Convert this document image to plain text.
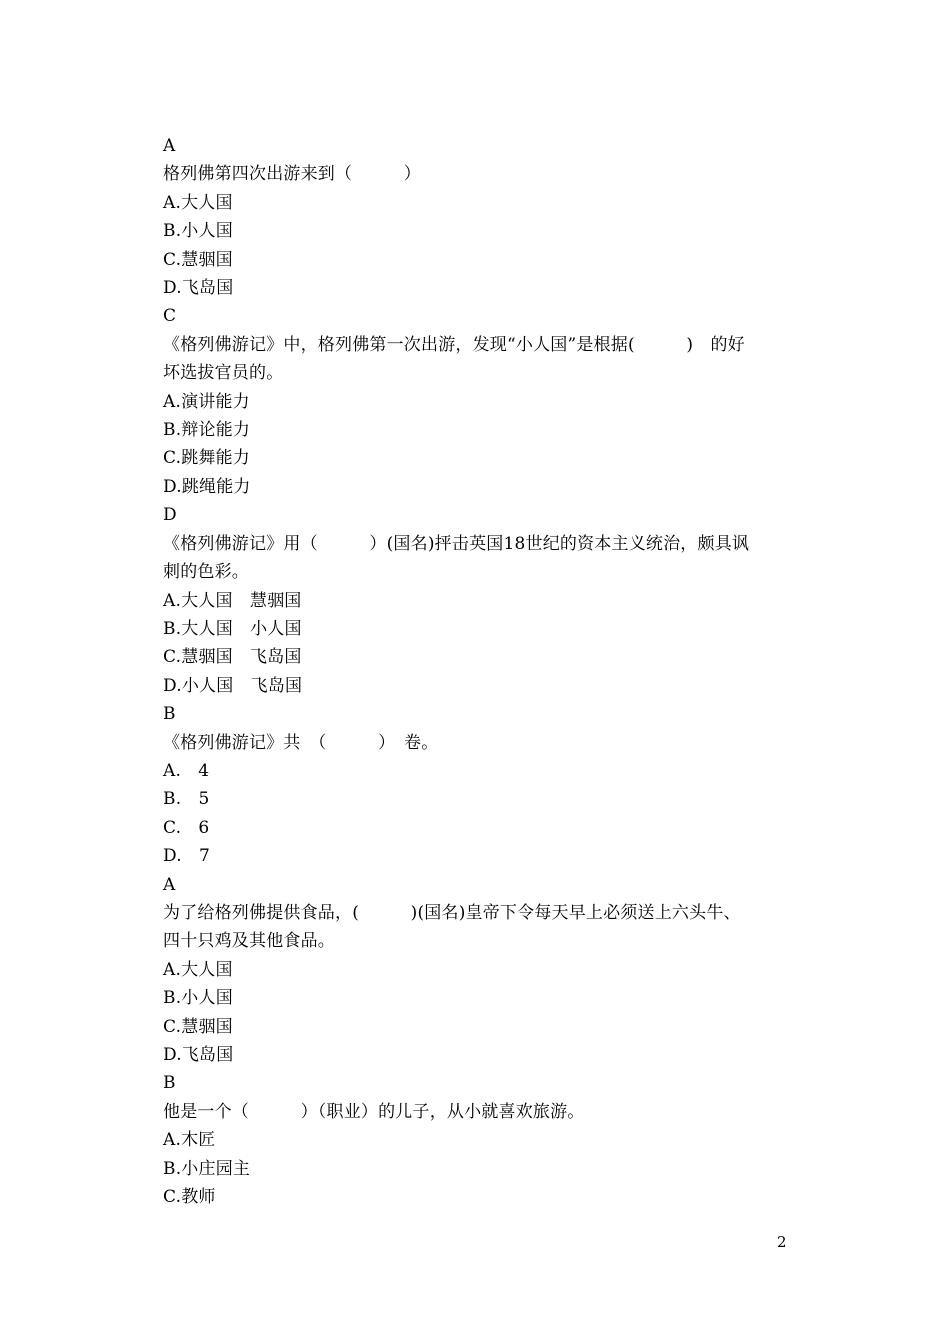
A
格列佛第四次出游来到（　　　）
A.大人国
B.小人国
C.慧骃国
D.飞岛国
C
《格列佛游记》中，格列佛第一次出游，发现“小人国”是根据(　　　)　的好
坏选拔官员的。
A.演讲能力
B.辩论能力
C.跳舞能力
D.跳绳能力
D
《格列佛游记》用（　　　）(国名)抨击英国18世纪的资本主义统治，颇具讽
刺的色彩。
A.大人国　慧骃国
B.大人国　小人国
C.慧骃国　飞岛国
D.小人国　飞岛国
B
《格列佛游记》共　（　　　）　卷。
A.　4
B.　5
C.　6
D.　7
A
为了给格列佛提供食品，(　　　)(国名)皇帝下令每天早上必须送上六头牛、
四十只鸡及其他食品。
A.大人国
B.小人国
C.慧骃国
D.飞岛国
B
他是一个（　　　）（职业）的儿子，从小就喜欢旅游。
A.木匠
B.小庄园主
C.教师
2
